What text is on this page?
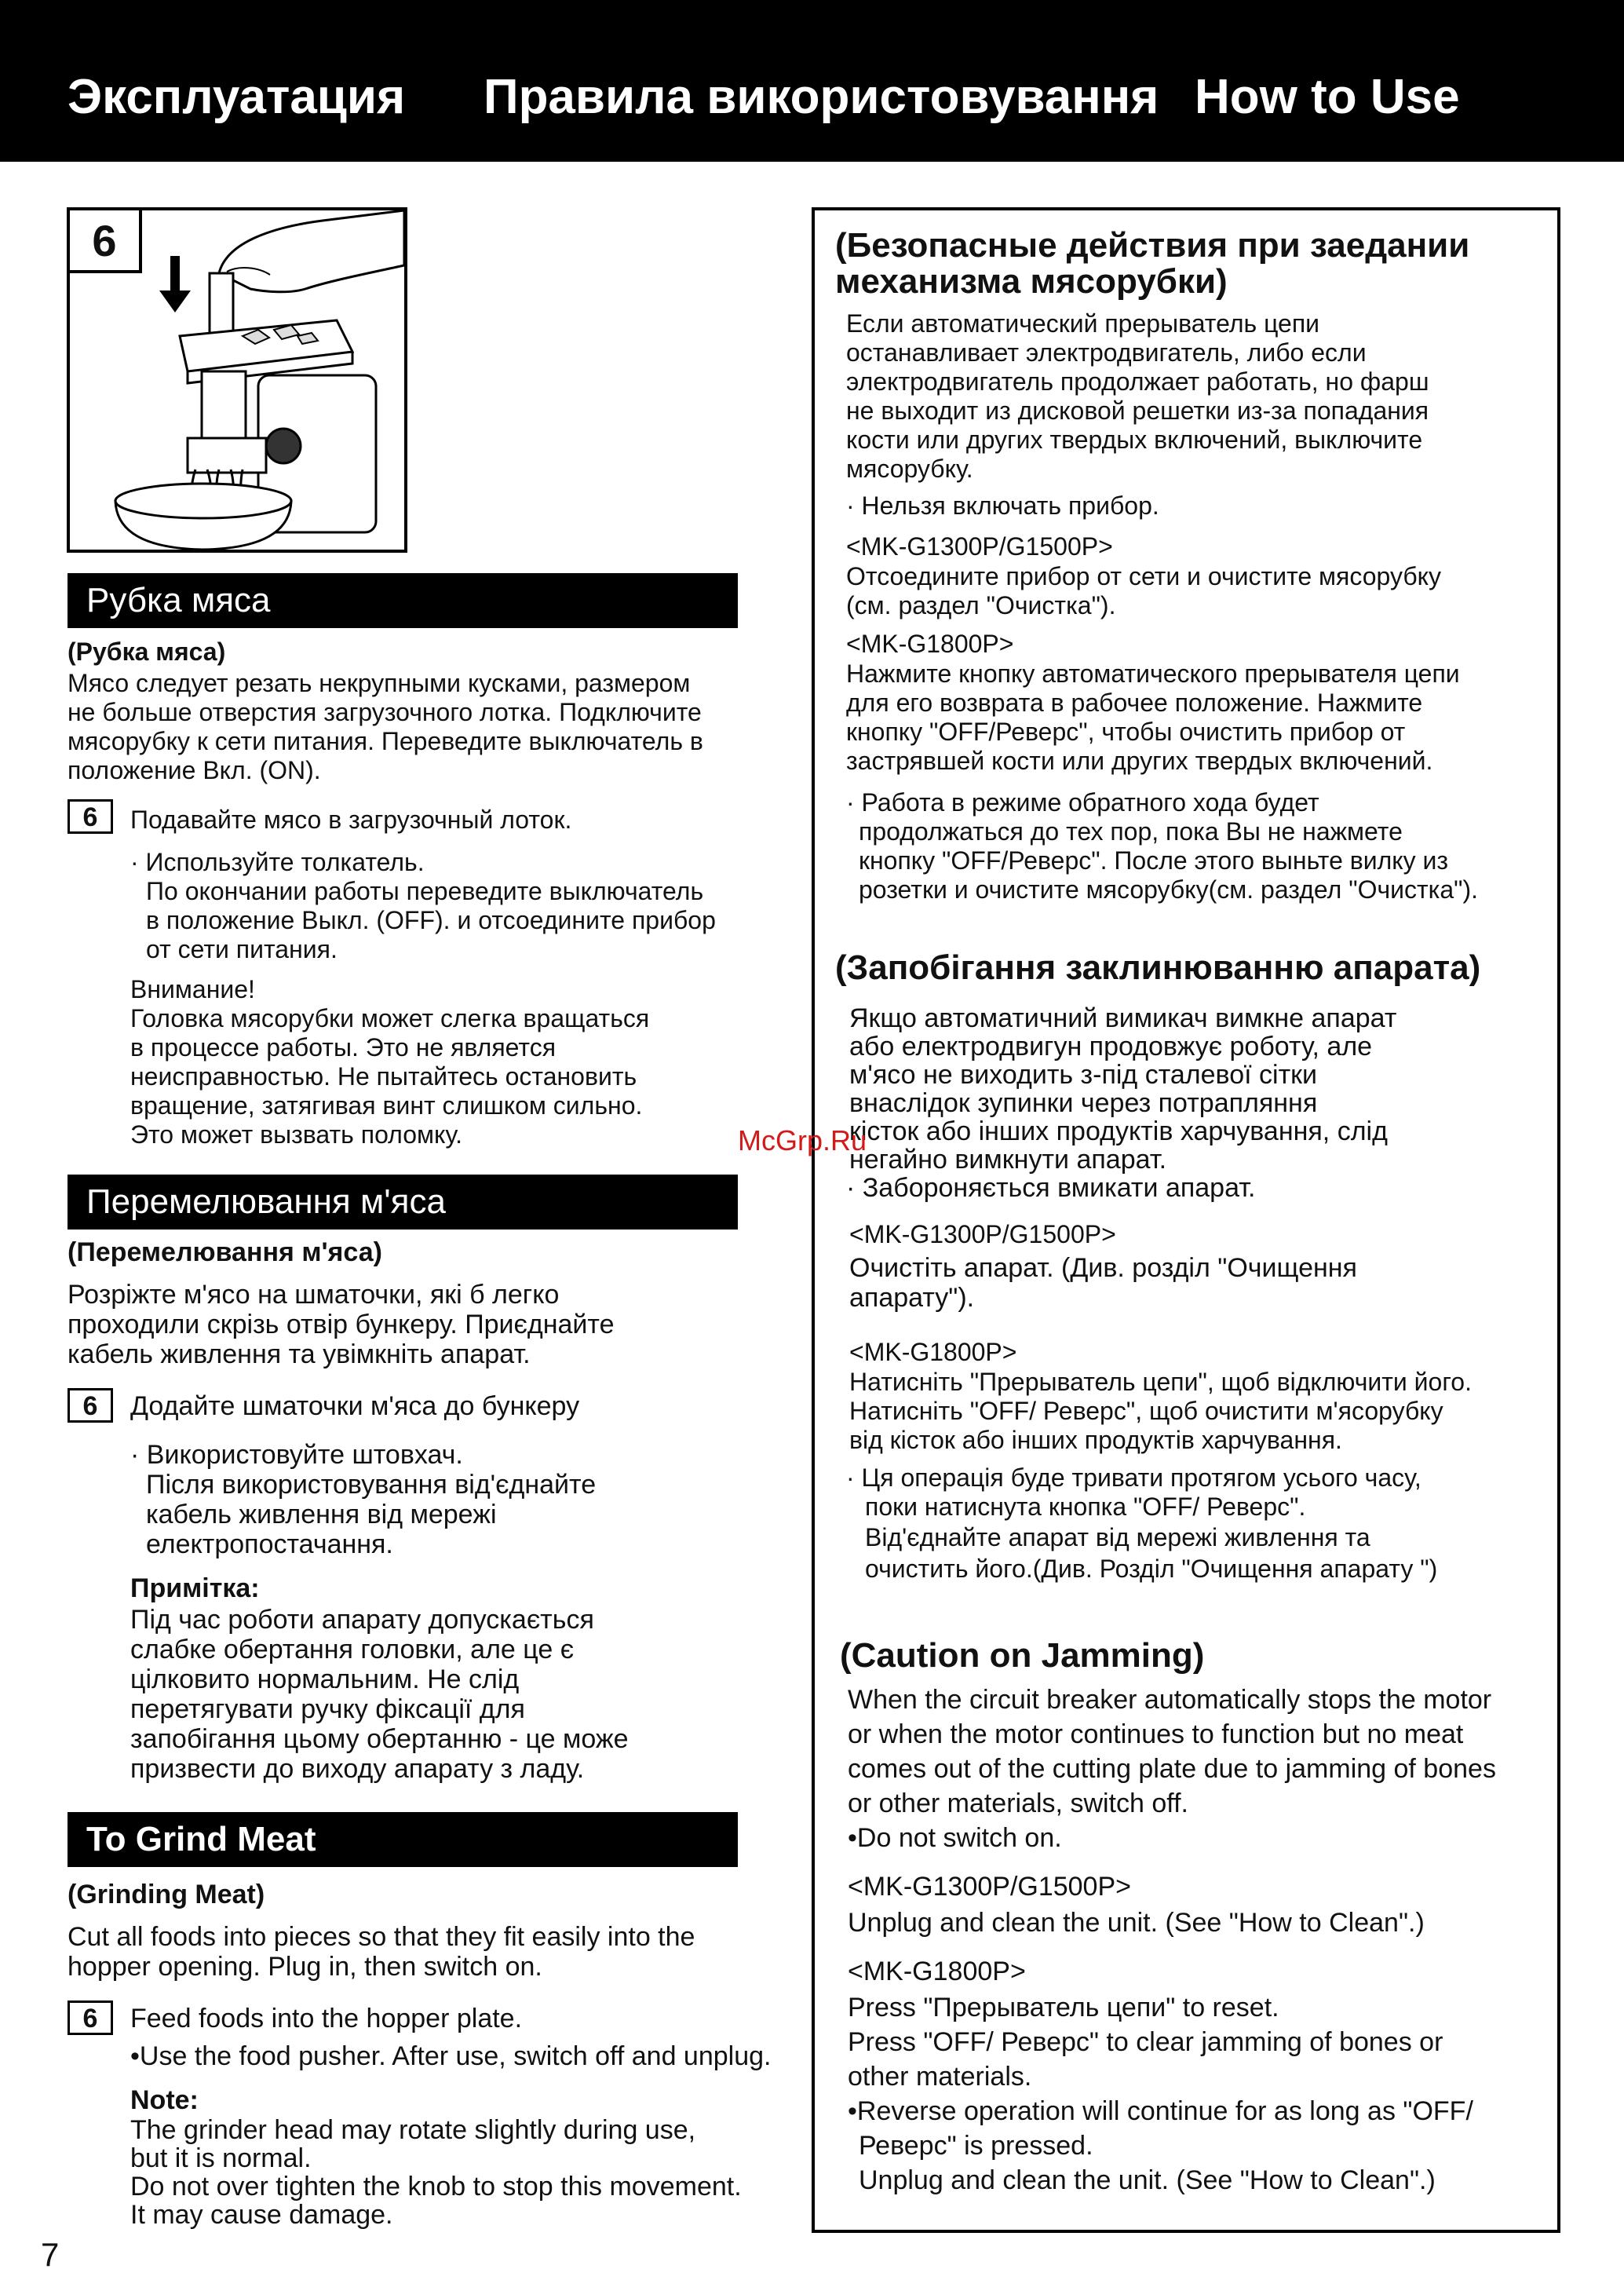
Эксплуатация Правила використовування How to Use
6
Рубка мяса
(Рубка мяса)
Мясо следует резать некрупными кусками, размером
не больше отверстия загрузочного лотка. Подключите
мясорубку к сети питания. Переведите выключатель в
положение Вкл. (ON).
6	Подавайте мясо в загрузочный лоток.
· Используйте толкатель.
По окончании работы переведите выключатель
в положение Выкл. (OFF). и отсоедините прибор
от сети питания.
Внимание!
Головка мясорубки может слегка вращаться
в процессе работы. Это не является
неисправностью. Не пытайтесь остановить
вращение, затягивая винт слишком сильно.
Это может вызвать поломку.
Перемелювання м'яса
(Перемелювання м'яса)
Розріжте м'ясо на шматочки, які б легко
проходили скрізь отвір бункеру. Приєднайте
кабель живлення та увімкніть апарат.
6	Додайте шматочки м'яса до бункеру
· Використовуйте штовхач.
Після використовування від'єднайте
кабель живлення від мережі
електропостачання.
Примітка:
Під час роботи апарату допускається
слабке обертання головки, але це є
цілковито нормальним. Не слід
перетягувати ручку фіксації для
запобігання цьому обертанню - це може
призвести до виходу апарату з ладу.
To Grind Meat
(Grinding Meat)
Cut all foods into pieces so that they fit easily into the
hopper opening. Plug in, then switch on.
6	Feed foods into the hopper plate.
•Use the food pusher. After use, switch off and unplug.
Note:
The grinder head may rotate slightly during use,
but it is normal.
Do not over tighten the knob to stop this movement.
It may cause damage.
(Безопасные действия при заедании
механизма мясорубки)
Если автоматический прерыватель цепи
останавливает электродвигатель, либо если
электродвигатель продолжает работать, но фарш
не выходит из дисковой решетки из-за попадания
кости или других твердых включений, выключите
мясорубку.
· Нельзя включать прибор.
<MK-G1300P/G1500P>
Отсоедините прибор от сети и очистите мясорубку
(см. раздел "Очистка").
<MK-G1800P>
Нажмите кнопку автоматического прерывателя цепи
для его возврата в рабочее положение. Нажмите
кнопку "OFF/Реверс", чтобы очистить прибор от
застрявшей кости или других твердых включений.
· Работа в режиме обратного хода будет
продолжаться до тех пор, пока Вы не нажмете
кнопку "OFF/Реверс". После этого выньте вилку из
розетки и очистите мясорубку(см. раздел "Очистка").
(Запобігання заклинюванню апарата)
Якщо автоматичний вимикач вимкне апарат
або електродвигун продовжує роботу, але
м'ясо не виходить з-під сталевої сітки
внаслідок зупинки через потрапляння
кісток або інших продуктів харчування, слід
негайно вимкнути апарат.
· Забороняється вмикати апарат.
<MK-G1300P/G1500P>
Очистіть апарат. (Див. розділ "Очищення
апарату").
<MK-G1800P>
Натисніть "Прерыватель цепи", щоб відключити його.
Натисніть "OFF/ Реверс", щоб очистити м'ясорубку
від кісток або інших продуктів харчування.
· Ця операція буде тривати протягом усього часу,
поки натиснута кнопка "OFF/ Реверс".
Від'єднайте апарат від мережі живлення та
очистить його.(Див. Розділ "Очищення апарату ")
(Caution on Jamming)
When the circuit breaker automatically stops the motor
or when the motor continues to function but no meat
comes out of the cutting plate due to jamming of bones
or other materials, switch off.
•Do not switch on.
<MK-G1300P/G1500P>
Unplug and clean the unit. (See "How to Clean".)
<MK-G1800P>
Press "Прерыватель цепи" to reset.
Press "OFF/ Реверс" to clear jamming of bones or
other materials.
•Reverse operation will continue for as long as "OFF/
Реверс" is pressed.
Unplug and clean the unit. (See "How to Clean".)
McGrp.Ru
7
